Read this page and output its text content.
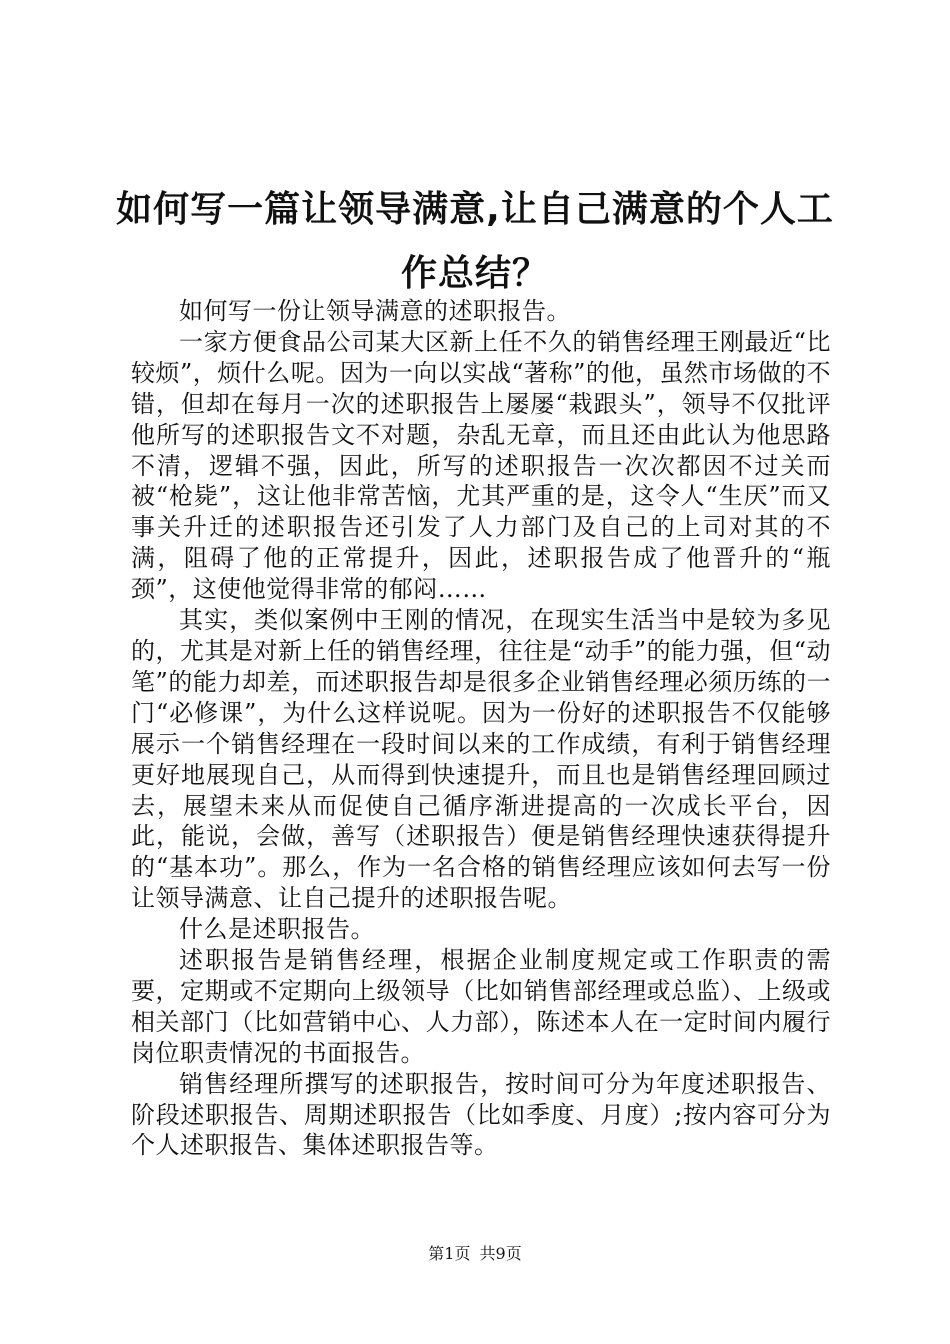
如何写一篇让领导满意,让自己满意的个人工作总结？

如何写一份让领导满意的述职报告。

一家方便食品公司某大区新上任不久的销售经理王刚最近“比较烦”，烦什么呢。因为一向以实战“著称”的他，虽然市场做的不错，但却在每月一次的述职报告上屡屡“栽跟头”，领导不仅批评他所写的述职报告文不对题，杂乱无章，而且还由此认为他思路不清，逻辑不强，因此，所写的述职报告一次次都因不过关而被“枪毙”，这让他非常苦恼，尤其严重的是，这令人“生厌”而又事关升迁的述职报告还引发了人力部门及自己的上司对其的不满，阻碍了他的正常提升，因此，述职报告成了他晋升的“瓶颈”，这使他觉得非常的郁闷……

其实，类似案例中王刚的情况，在现实生活当中是较为多见的，尤其是对新上任的销售经理，往往是“动手”的能力强，但“动笔”的能力却差，而述职报告却是很多企业销售经理必须历练的一门“必修课”，为什么这样说呢。因为一份好的述职报告不仅能够展示一个销售经理在一段时间以来的工作成绩，有利于销售经理更好地展现自己，从而得到快速提升，而且也是销售经理回顾过去，展望未来从而促使自己循序渐进提高的一次成长平台，因此，能说，会做，善写（述职报告）便是销售经理快速获得提升的“基本功”。那么，作为一名合格的销售经理应该如何去写一份让领导满意、让自己提升的述职报告呢。

什么是述职报告。

述职报告是销售经理，根据企业制度规定或工作职责的需要，定期或不定期向上级领导（比如销售部经理或总监）、上级或相关部门（比如营销中心、人力部），陈述本人在一定时间内履行岗位职责情况的书面报告。

销售经理所撰写的述职报告，按时间可分为年度述职报告、阶段述职报告、周期述职报告（比如季度、月度）;按内容可分为个人述职报告、集体述职报告等。

第1页 共9页
